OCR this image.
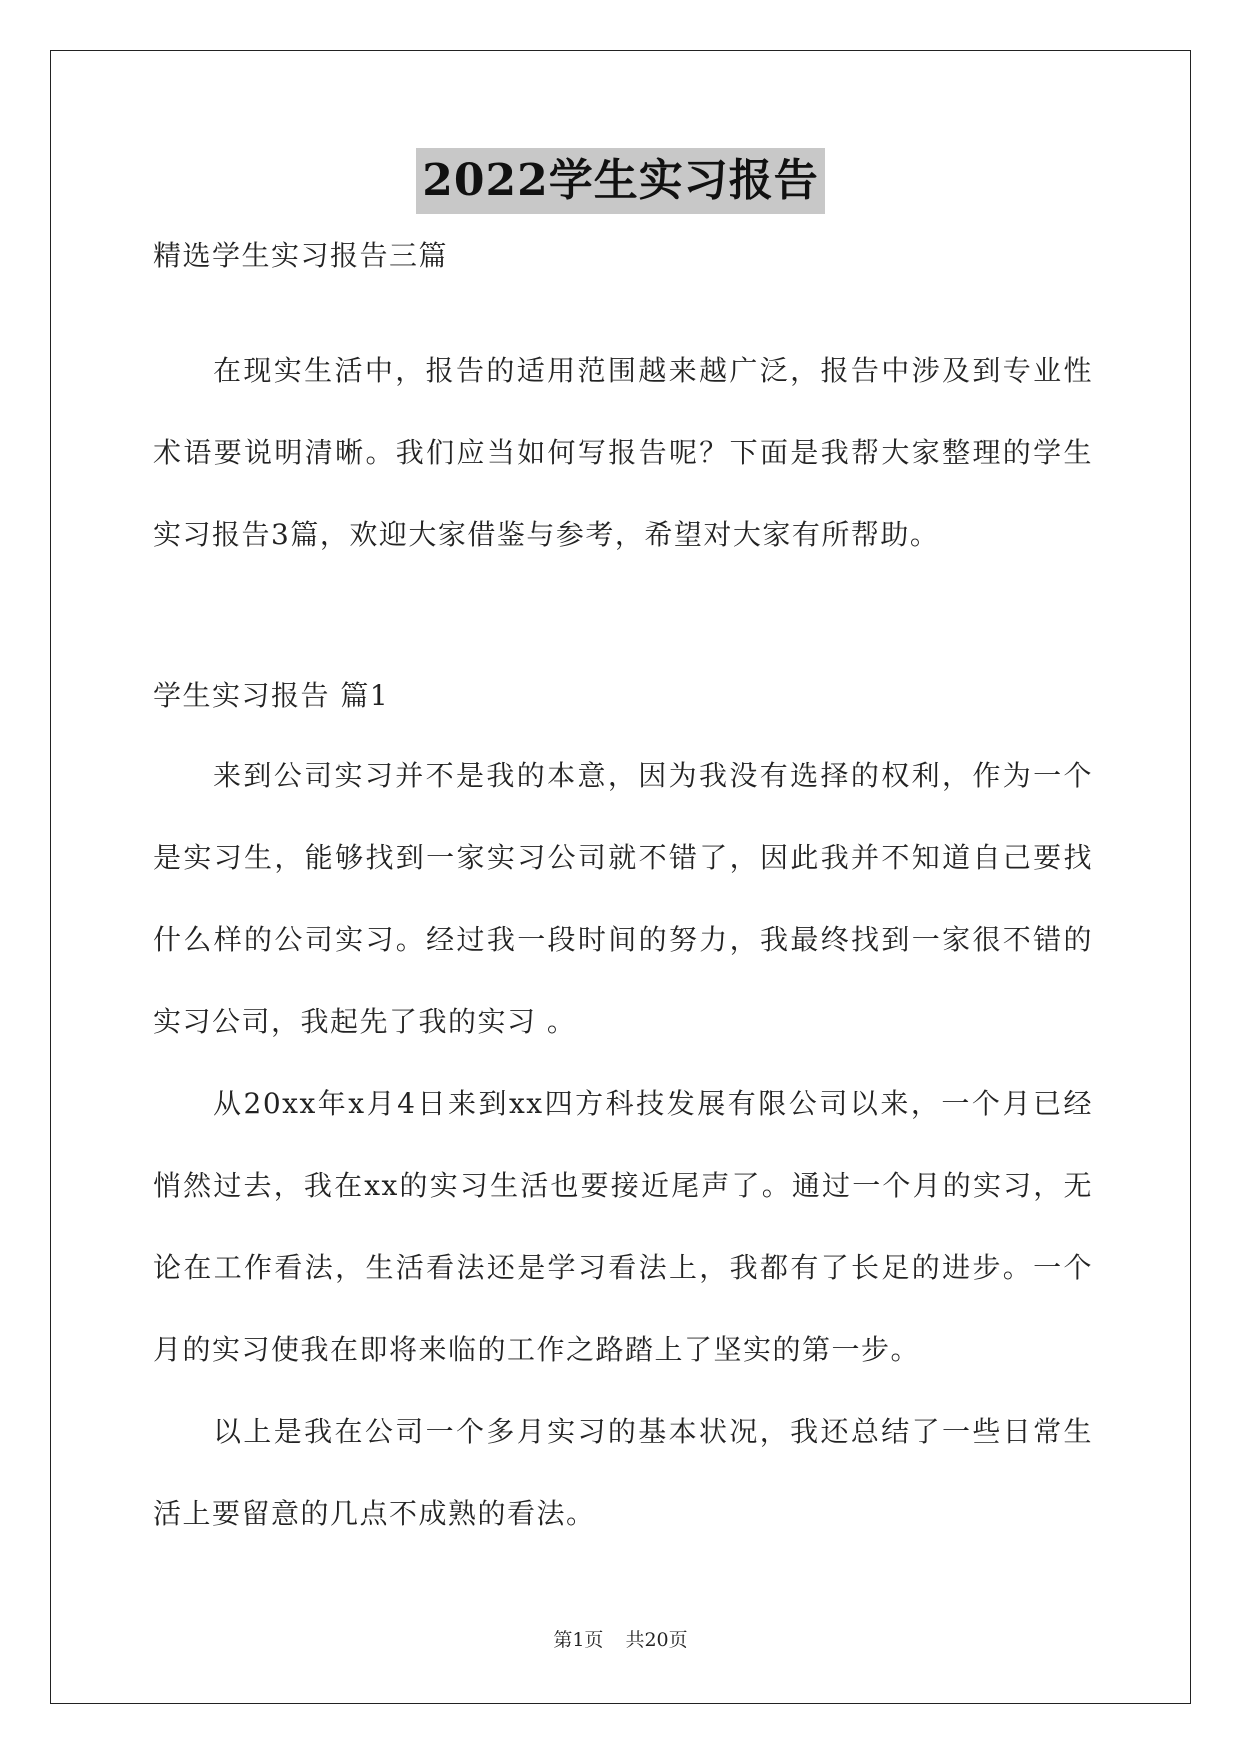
2022学生实习报告
精选学生实习报告三篇

在现实生活中，报告的适用范围越来越广泛，报告中涉及到专业性术语要说明清晰。我们应当如何写报告呢？下面是我帮大家整理的学生实习报告3篇，欢迎大家借鉴与参考，希望对大家有所帮助。

学生实习报告 篇1

来到公司实习并不是我的本意，因为我没有选择的权利，作为一个是实习生，能够找到一家实习公司就不错了，因此我并不知道自己要找什么样的公司实习。经过我一段时间的努力，我最终找到一家很不错的实习公司，我起先了我的实习 。

从20xx年x月4日来到xx四方科技发展有限公司以来，一个月已经悄然过去，我在xx的实习生活也要接近尾声了。通过一个月的实习，无论在工作看法，生活看法还是学习看法上，我都有了长足的进步。一个月的实习使我在即将来临的工作之路踏上了坚实的第一步。

以上是我在公司一个多月实习的基本状况，我还总结了一些日常生活上要留意的几点不成熟的看法。

第1页 共20页
